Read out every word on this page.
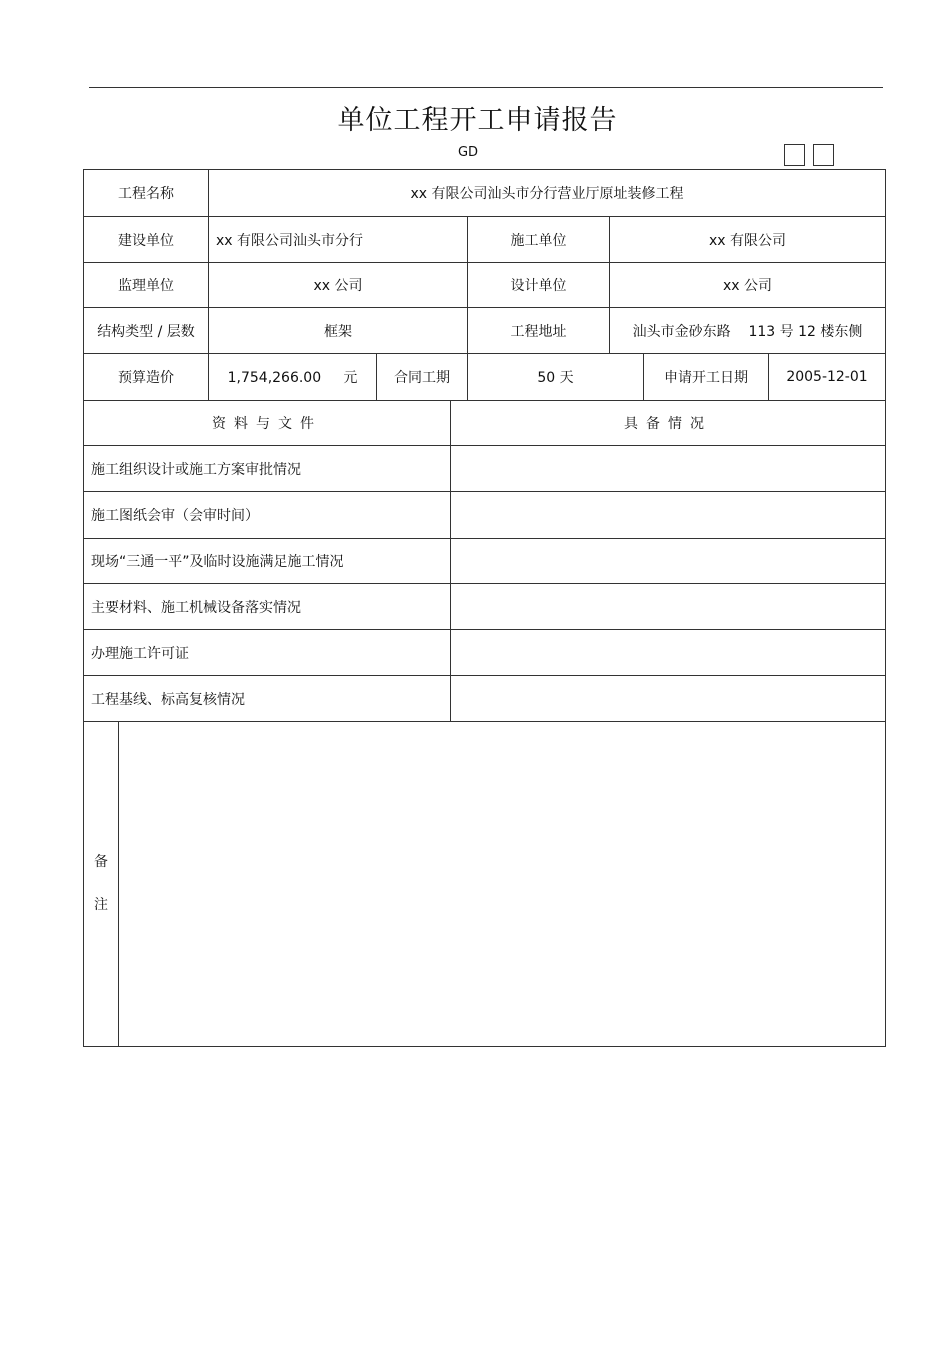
单位工程开工申请报告
GD
工程名称	xx 有限公司汕头市分行营业厅原址装修工程
建设单位	xx 有限公司汕头市分行	施工单位	xx 有限公司
监理单位	xx 公司	设计单位	xx 公司
结构类型 / 层数	框架	工程地址	汕头市金砂东路    113 号 12 楼东侧
预算造价	1,754,266.00     元	合同工期	50 天	申请开工日期	2005-12-01
资料与文件	具备情况
施工组织设计或施工方案审批情况
施工图纸会审（会审时间）
现场“三通一平”及临时设施满足施工情况
主要材料、施工机械设备落实情况
办理施工许可证
工程基线、标高复核情况
备
注
